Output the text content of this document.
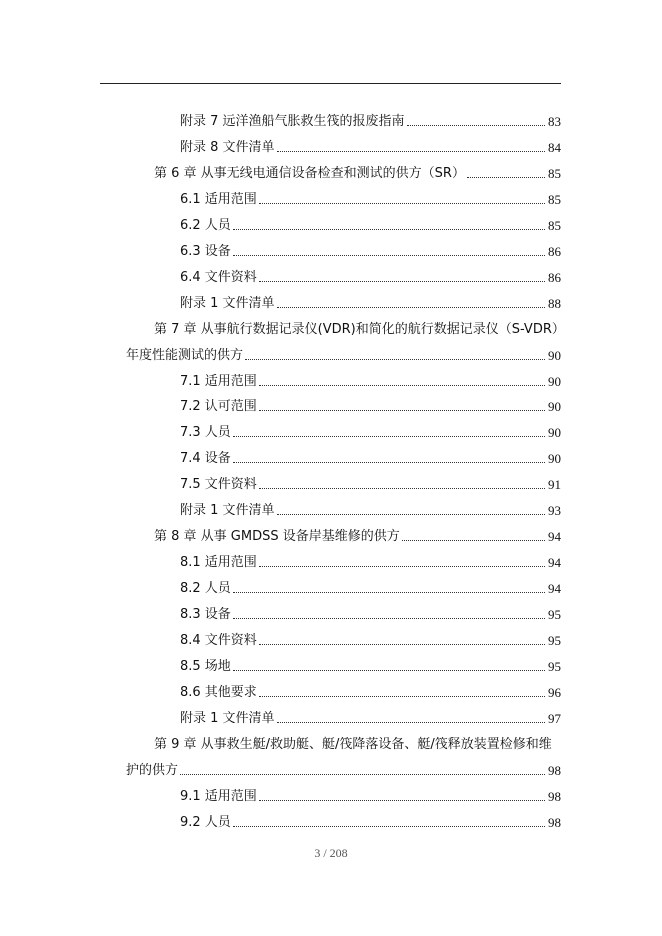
附录 7 远洋渔船气胀救生筏的报废指南	83
附录 8 文件清单	84
第 6 章 从事无线电通信设备检查和测试的供方（SR）	85
6.1 适用范围	85
6.2 人员	85
6.3 设备	86
6.4 文件资料	86
附录 1 文件清单	88
第 7 章 从事航行数据记录仪(VDR)和简化的航行数据记录仪（S-VDR）
年度性能测试的供方	90
7.1 适用范围	90
7.2 认可范围	90
7.3 人员	90
7.4 设备	90
7.5 文件资料	91
附录 1 文件清单	93
第 8 章 从事 GMDSS 设备岸基维修的供方	94
8.1 适用范围	94
8.2 人员	94
8.3 设备	95
8.4 文件资料	95
8.5 场地	95
8.6 其他要求	96
附录 1 文件清单	97
第 9 章 从事救生艇/救助艇、艇/筏降落设备、艇/筏释放装置检修和维
护的供方	98
9.1 适用范围	98
9.2 人员	98
3 / 208
